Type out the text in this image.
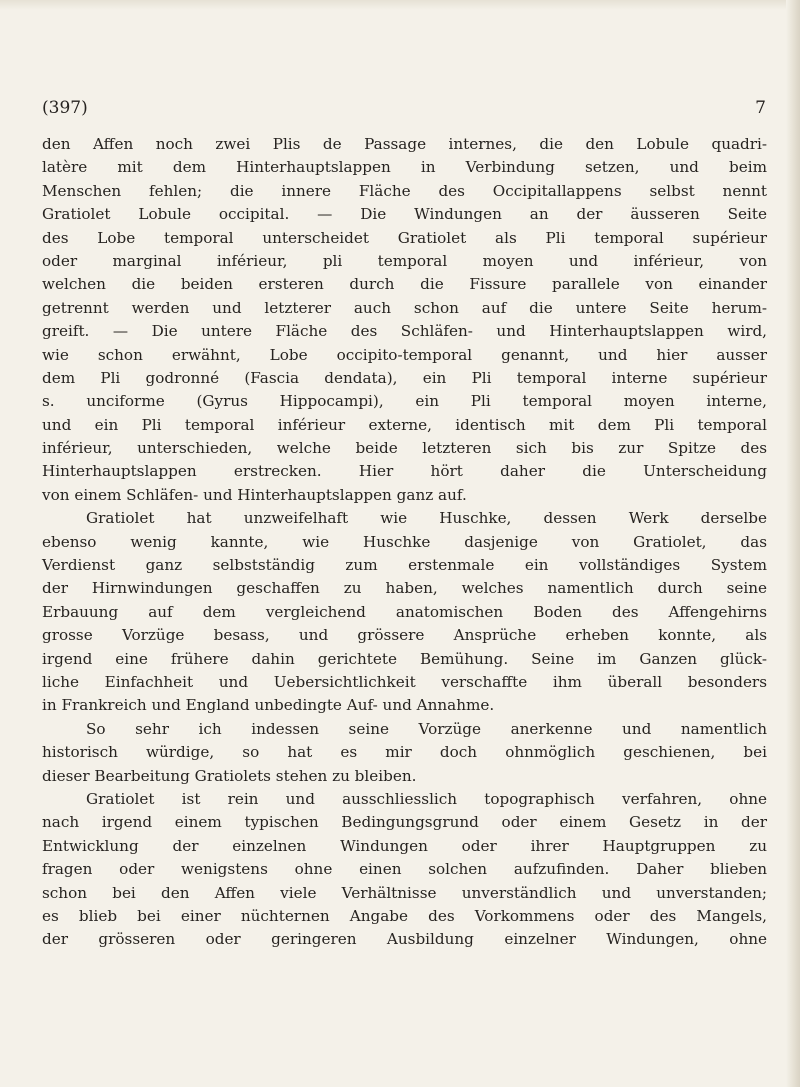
(397)	7
den Affen noch zwei Plis de Passage internes, die den Lobule quadri-
latère mit dem Hinterhauptslappen in Verbindung setzen, und beim
Menschen fehlen; die innere Fläche des Occipitallappens selbst nennt
Gratiolet Lobule occipital. — Die Windungen an der äusseren Seite
des Lobe temporal unterscheidet Gratiolet als Pli temporal supérieur
oder marginal inférieur, pli temporal moyen und inférieur, von
welchen die beiden ersteren durch die Fissure parallele von einander
getrennt werden und letzterer auch schon auf die untere Seite herum-
greift. — Die untere Fläche des Schläfen- und Hinterhauptslappen wird,
wie schon erwähnt, Lobe occipito-temporal genannt, und hier ausser
dem Pli godronné (Fascia dendata), ein Pli temporal interne supérieur
s. unciforme (Gyrus Hippocampi), ein Pli temporal moyen interne,
und ein Pli temporal inférieur externe, identisch mit dem Pli temporal
inférieur, unterschieden, welche beide letzteren sich bis zur Spitze des
Hinterhauptslappen erstrecken. Hier hört daher die Unterscheidung
von einem Schläfen- und Hinterhauptslappen ganz auf.
Gratiolet hat unzweifelhaft wie Huschke, dessen Werk derselbe
ebenso wenig kannte, wie Huschke dasjenige von Gratiolet, das
Verdienst ganz selbstständig zum erstenmale ein vollständiges System
der Hirnwindungen geschaffen zu haben, welches namentlich durch seine
Erbauung auf dem vergleichend anatomischen Boden des Affengehirns
grosse Vorzüge besass, und grössere Ansprüche erheben konnte, als
irgend eine frühere dahin gerichtete Bemühung. Seine im Ganzen glück-
liche Einfachheit und Uebersichtlichkeit verschaffte ihm überall besonders
in Frankreich und England unbedingte Auf- und Annahme.
So sehr ich indessen seine Vorzüge anerkenne und namentlich
historisch würdige, so hat es mir doch ohnmöglich geschienen, bei
dieser Bearbeitung Gratiolets stehen zu bleiben.
Gratiolet ist rein und ausschliesslich topographisch verfahren, ohne
nach irgend einem typischen Bedingungsgrund oder einem Gesetz in der
Entwicklung der einzelnen Windungen oder ihrer Hauptgruppen zu
fragen oder wenigstens ohne einen solchen aufzufinden. Daher blieben
schon bei den Affen viele Verhältnisse unverständlich und unverstanden;
es blieb bei einer nüchternen Angabe des Vorkommens oder des Mangels,
der grösseren oder geringeren Ausbildung einzelner Windungen, ohne
